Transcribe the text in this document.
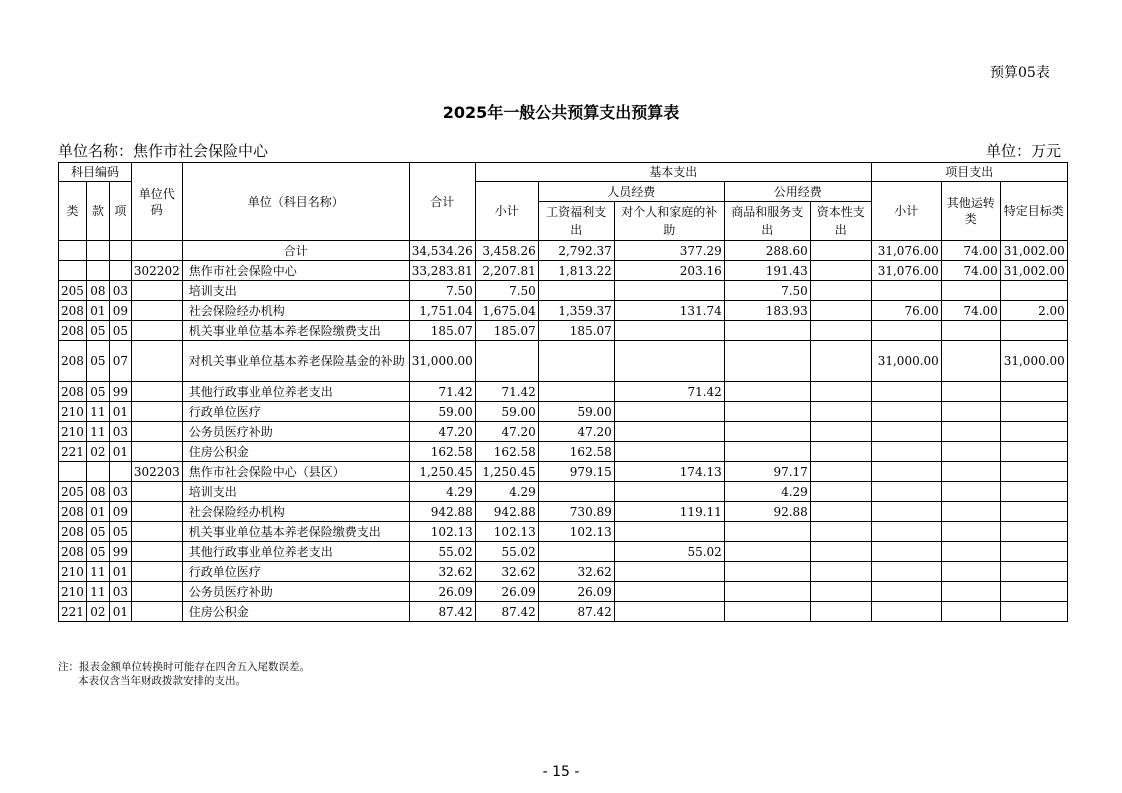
预算05表
2025年一般公共预算支出预算表
单位名称：焦作市社会保险中心	单位：万元
科目编码			单位代码	单位（科目名称）	合计	基本支出					项目支出		
类	款	项				小计	人员经费		公用经费		小计	其他运转类	特定目标类
							工资福利支出	对个人和家庭的补助	商品和服务支出	资本性支出			
				合计	34,534.26	3,458.26	2,792.37	377.29	288.60		31,076.00	74.00	31,002.00
			302202	焦作市社会保险中心	33,283.81	2,207.81	1,813.22	203.16	191.43		31,076.00	74.00	31,002.00
205	08	03		培训支出	7.50	7.50			7.50				
208	01	09		社会保险经办机构	1,751.04	1,675.04	1,359.37	131.74	183.93		76.00	74.00	2.00
208	05	05		机关事业单位基本养老保险缴费支出	185.07	185.07	185.07						
208	05	07		对机关事业单位基本养老保险基金的补助	31,000.00						31,000.00		31,000.00
208	05	99		其他行政事业单位养老支出	71.42	71.42		71.42					
210	11	01		行政单位医疗	59.00	59.00	59.00						
210	11	03		公务员医疗补助	47.20	47.20	47.20						
221	02	01		住房公积金	162.58	162.58	162.58						
			302203	焦作市社会保险中心（县区）	1,250.45	1,250.45	979.15	174.13	97.17				
205	08	03		培训支出	4.29	4.29			4.29				
208	01	09		社会保险经办机构	942.88	942.88	730.89	119.11	92.88				
208	05	05		机关事业单位基本养老保险缴费支出	102.13	102.13	102.13						
208	05	99		其他行政事业单位养老支出	55.02	55.02		55.02					
210	11	01		行政单位医疗	32.62	32.62	32.62						
210	11	03		公务员医疗补助	26.09	26.09	26.09						
221	02	01		住房公积金	87.42	87.42	87.42						
注：报表金额单位转换时可能存在四舍五入尾数误差。
本表仅含当年财政拨款安排的支出。
- 15 -
